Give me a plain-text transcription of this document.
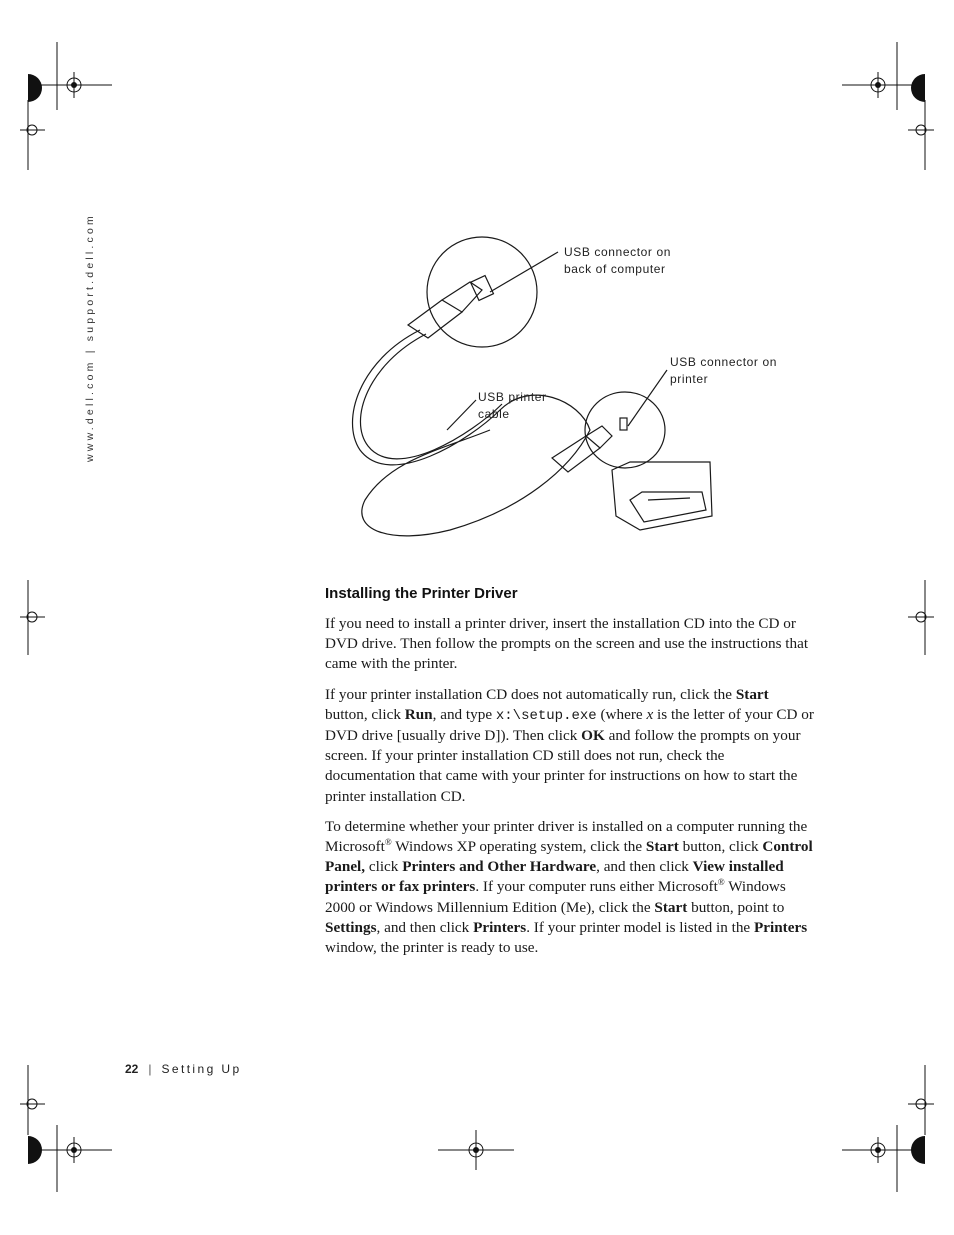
www.dell.com | support.dell.com	USB connector on
back of computer
USB connector on
printer
USB printer
cable
Installing the Printer Driver

If you need to install a printer driver, insert the installation CD into the CD or DVD drive. Then follow the prompts on the screen and use the instructions that came with the printer.

If your printer installation CD does not automatically run, click the Start button, click Run, and type x:\setup.exe (where x is the letter of your CD or DVD drive [usually drive D]). Then click OK and follow the prompts on your screen. If your printer installation CD still does not run, check the documentation that came with your printer for instructions on how to start the printer installation CD.

To determine whether your printer driver is installed on a computer running the Microsoft® Windows XP operating system, click the Start button, click Control Panel, click Printers and Other Hardware, and then click View installed printers or fax printers. If your computer runs either Microsoft® Windows 2000 or Windows Millennium Edition (Me), click the Start button, point to Settings, and then click Printers. If your printer model is listed in the Printers window, the printer is ready to use.

22 | Setting Up
